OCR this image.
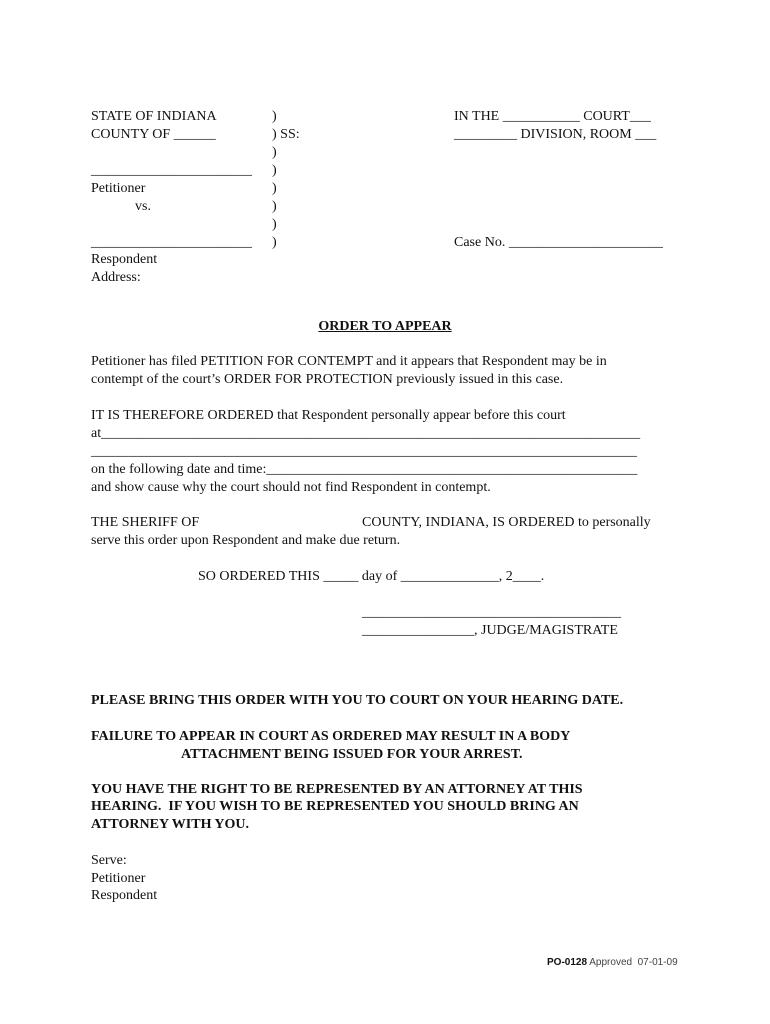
STATE OF INDIANA
COUNTY OF ______
_______________________
Petitioner
vs.
_______________________
Respondent
Address:
)
) SS:
)
)
)
)
)
)
IN THE ___________ COURT___
_________ DIVISION, ROOM ___
Case No. ______________________
ORDER TO APPEAR
Petitioner has filed PETITION FOR CONTEMPT and it appears that Respondent may be in
contempt of the court’s ORDER FOR PROTECTION previously issued in this case.
IT IS THEREFORE ORDERED that Respondent personally appear before this court
at_____________________________________________________________________________
______________________________________________________________________________
on the following date and time:_____________________________________________________
and show cause why the court should not find Respondent in contempt.
THE SHERIFF OF	COUNTY, INDIANA, IS ORDERED to personally
serve this order upon Respondent and make due return.
SO ORDERED THIS _____ day of ______________, 2____.
_____________________________________
________________, JUDGE/MAGISTRATE
PLEASE BRING THIS ORDER WITH YOU TO COURT ON YOUR HEARING DATE.
FAILURE TO APPEAR IN COURT AS ORDERED MAY RESULT IN A BODY
ATTACHMENT BEING ISSUED FOR YOUR ARREST.
YOU HAVE THE RIGHT TO BE REPRESENTED BY AN ATTORNEY AT THIS
HEARING.  IF YOU WISH TO BE REPRESENTED YOU SHOULD BRING AN
ATTORNEY WITH YOU.
Serve:
Petitioner
Respondent
PO-0128 Approved  07-01-09
